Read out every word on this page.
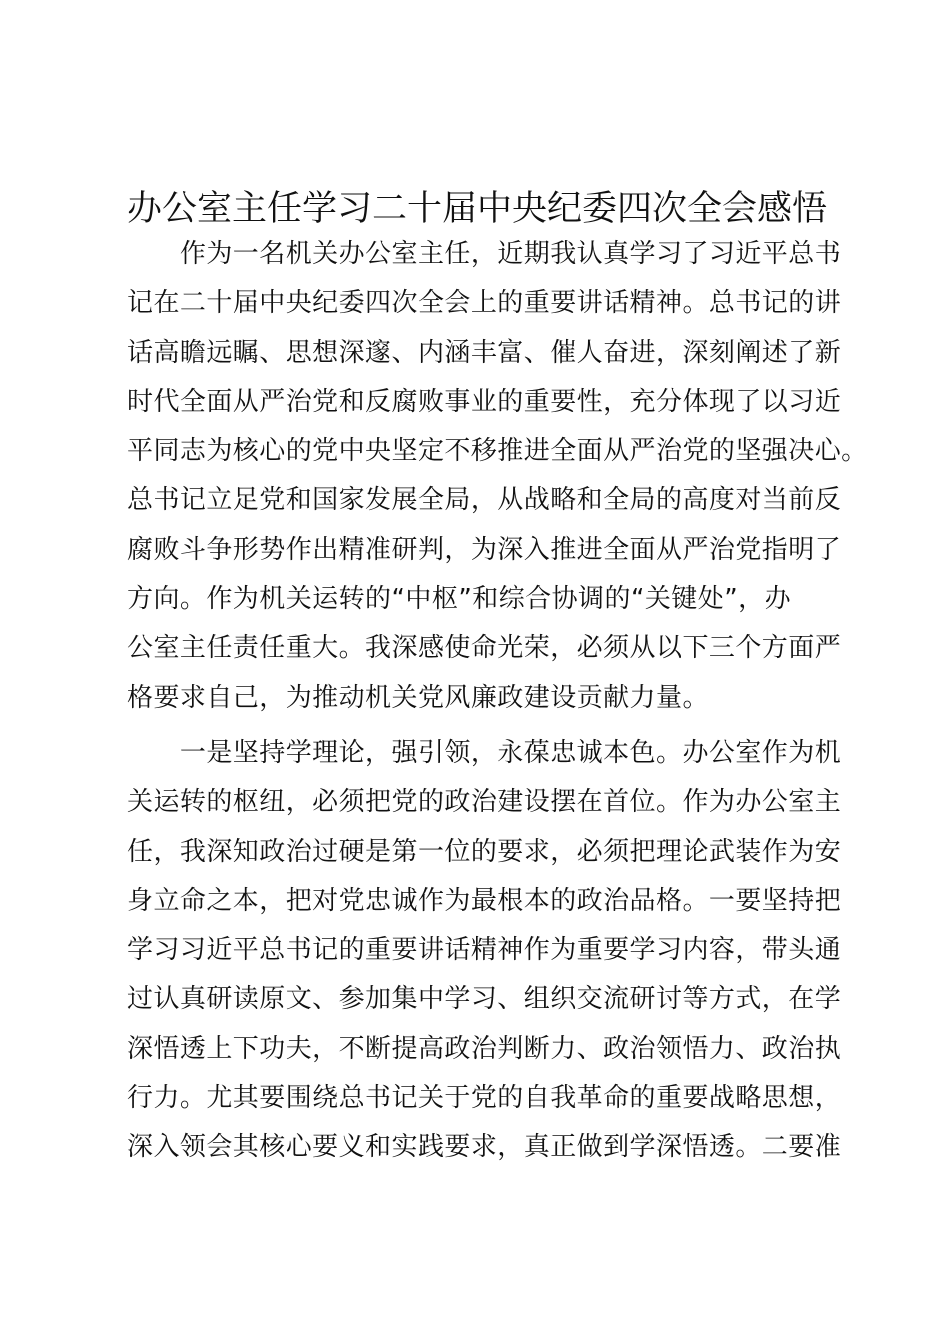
办公室主任学习二十届中央纪委四次全会感悟
　　作为一名机关办公室主任，近期我认真学习了习近平总书
记在二十届中央纪委四次全会上的重要讲话精神。总书记的讲
话高瞻远瞩、思想深邃、内涵丰富、催人奋进，深刻阐述了新
时代全面从严治党和反腐败事业的重要性，充分体现了以习近
平同志为核心的党中央坚定不移推进全面从严治党的坚强决心。
总书记立足党和国家发展全局，从战略和全局的高度对当前反
腐败斗争形势作出精准研判，为深入推进全面从严治党指明了
方向。作为机关运转的“中枢”和综合协调的“关键处”，办
公室主任责任重大。我深感使命光荣，必须从以下三个方面严
格要求自己，为推动机关党风廉政建设贡献力量。
　　一是坚持学理论，强引领，永葆忠诚本色。办公室作为机
关运转的枢纽，必须把党的政治建设摆在首位。作为办公室主
任，我深知政治过硬是第一位的要求，必须把理论武装作为安
身立命之本，把对党忠诚作为最根本的政治品格。一要坚持把
学习习近平总书记的重要讲话精神作为重要学习内容，带头通
过认真研读原文、参加集中学习、组织交流研讨等方式，在学
深悟透上下功夫，不断提高政治判断力、政治领悟力、政治执
行力。尤其要围绕总书记关于党的自我革命的重要战略思想，
深入领会其核心要义和实践要求，真正做到学深悟透。二要准
